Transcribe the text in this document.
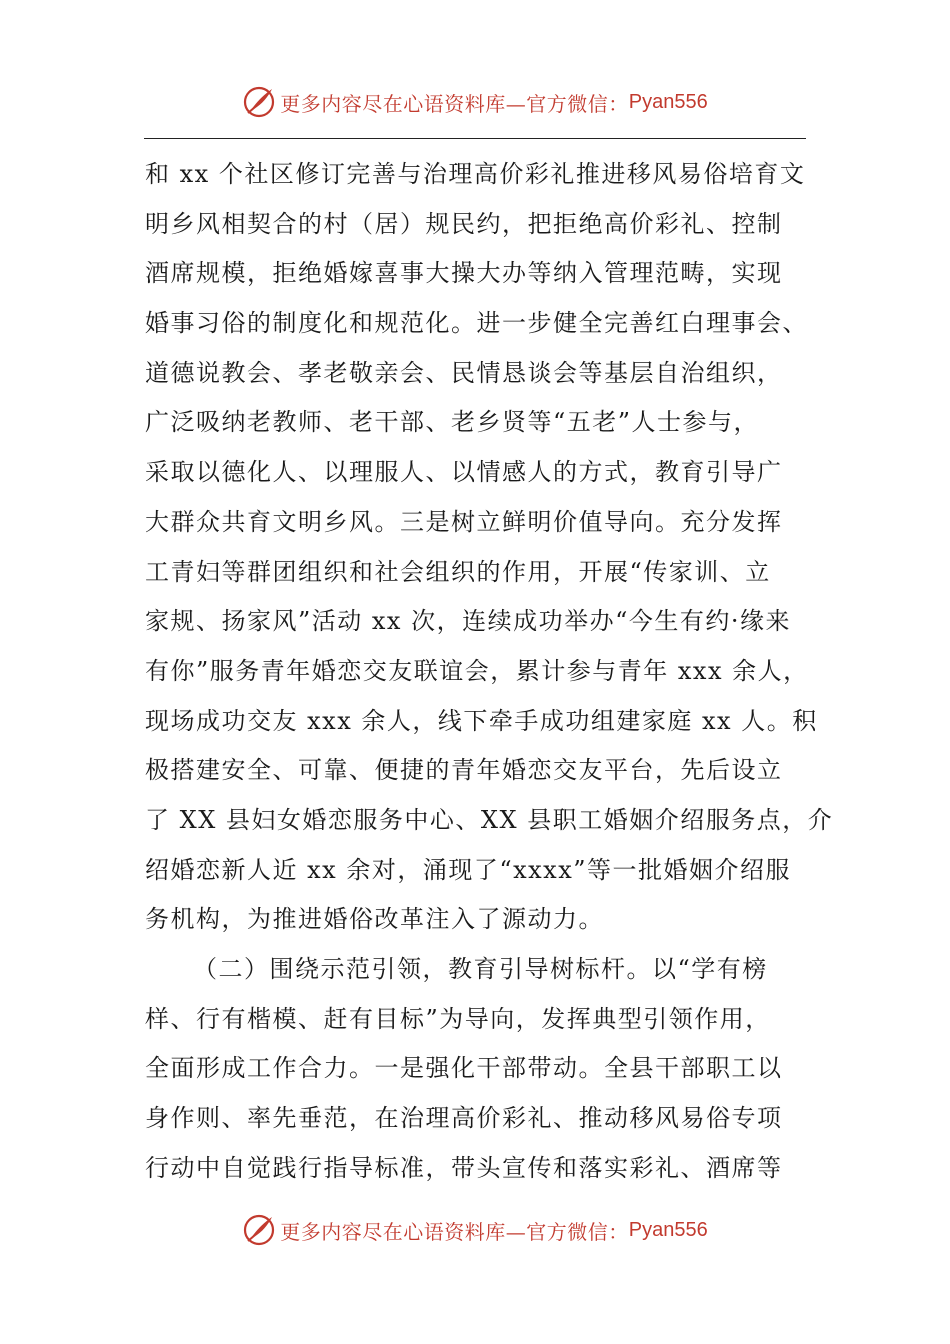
更多内容尽在心语资料库—官方微信： Pyan556
和 xx 个社区修订完善与治理高价彩礼推进移风易俗培育文
明乡风相契合的村（居）规民约，把拒绝高价彩礼、控制
酒席规模，拒绝婚嫁喜事大操大办等纳入管理范畴，实现
婚事习俗的制度化和规范化。进一步健全完善红白理事会、
道德说教会、孝老敬亲会、民情恳谈会等基层自治组织，
广泛吸纳老教师、老干部、老乡贤等“五老”人士参与，
采取以德化人、以理服人、以情感人的方式，教育引导广
大群众共育文明乡风。三是树立鲜明价值导向。充分发挥
工青妇等群团组织和社会组织的作用，开展“传家训、立
家规、扬家风”活动 xx 次，连续成功举办“今生有约·缘来
有你”服务青年婚恋交友联谊会，累计参与青年 xxx 余人，
现场成功交友 xxx 余人，线下牵手成功组建家庭 xx 人。积
极搭建安全、可靠、便捷的青年婚恋交友平台，先后设立
了 XX 县妇女婚恋服务中心、XX 县职工婚姻介绍服务点，介
绍婚恋新人近 xx 余对，涌现了“xxxx”等一批婚姻介绍服
务机构，为推进婚俗改革注入了源动力。
（二）围绕示范引领，教育引导树标杆。以“学有榜
样、行有楷模、赶有目标”为导向，发挥典型引领作用，
全面形成工作合力。一是强化干部带动。全县干部职工以
身作则、率先垂范，在治理高价彩礼、推动移风易俗专项
行动中自觉践行指导标准，带头宣传和落实彩礼、酒席等
更多内容尽在心语资料库—官方微信： Pyan556
